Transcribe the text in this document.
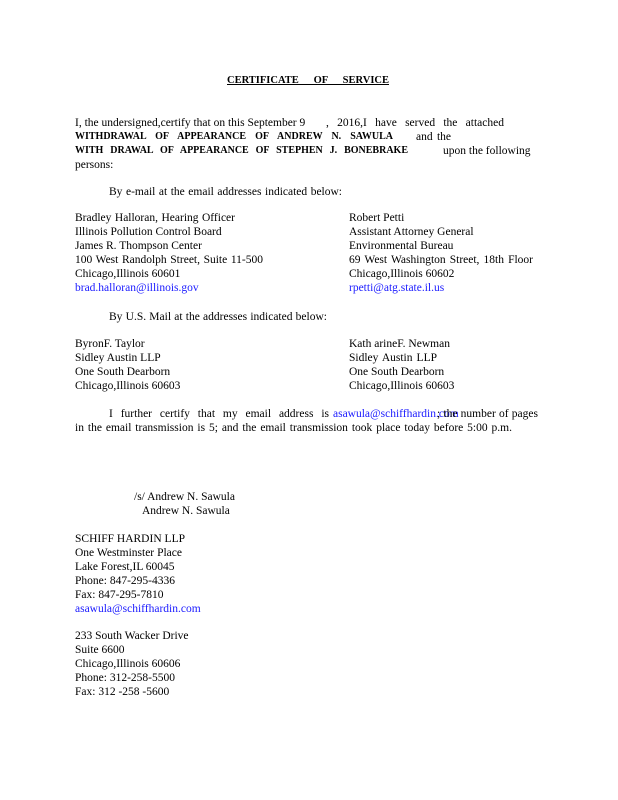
CERTIFICATE OF SERVICE
I, the undersigned,certify that on this September 9 , 2016,I have served the attached
WITHDRAWAL OF APPEARANCE OF ANDREW N. SAWULA and the
WITH DRAWAL OF APPEARANCE OF STEPHEN J. BONEBRAKE	upon the following
persons:
By e-mail at the email addresses indicated below:
Bradley Halloran, Hearing Officer
Illinois Pollution Control Board
James R. Thompson Center
100 West Randolph Street, Suite 11-500
Chicago,Illinois 60601
brad.halloran@illinois.gov
Robert Petti
Assistant Attorney General
Environmental Bureau
69 West Washington Street, 18th Floor
Chicago,Illinois 60602
rpetti@atg.state.il.us
By U.S. Mail at the addresses indicated below:
ByronF. Taylor
Sidley Austin LLP
One South Dearborn
Chicago,Illinois 60603
Kath arineF. Newman
Sidley Austin LLP
One South Dearborn
Chicago,Illinois 60603
I further certify that my email address is asawula@schiffhardin.com
; the number of pages
in the email transmission is 5; and the email transmission took place today before 5:00 p.m.
/s/ Andrew N. Sawula
Andrew N. Sawula
SCHIFF HARDIN LLP
One Westminster Place
Lake Forest,IL 60045
Phone: 847-295-4336
Fax: 847-295-7810
asawula@schiffhardin.com
233 South Wacker Drive
Suite 6600
Chicago,Illinois 60606
Phone: 312-258-5500
Fax: 312 -258 -5600
